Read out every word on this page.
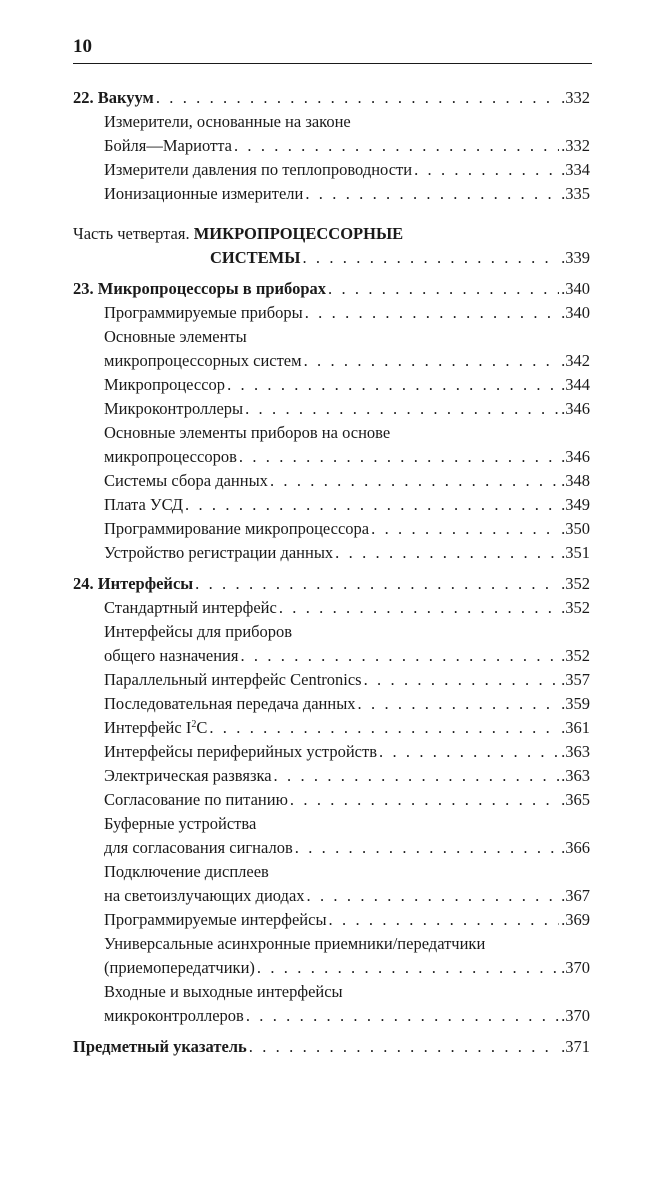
10
22. Вакуум . . .	.332
Измерители, основанные на законе
Бойля—Мариотта . . .	.332
Измерители давления по теплопроводности . . .	.334
Ионизационные измерители . . .	.335
Часть четвертая. МИКРОПРОЦЕССОРНЫЕ
СИСТЕМЫ . . .	.339
23. Микропроцессоры в приборах . . .	.340
Программируемые приборы . . .	.340
Основные элементы
микропроцессорных систем . . .	.342
Микропроцессор . . .	.344
Микроконтроллеры . . .	.346
Основные элементы приборов на основе
микропроцессоров . . .	.346
Системы сбора данных . . .	.348
Плата УСД . . .	.349
Программирование микропроцессора . . .	.350
Устройство регистрации данных . . .	.351
24. Интерфейсы . . .	.352
Стандартный интерфейс . . .	.352
Интерфейсы для приборов
общего назначения . . .	.352
Параллельный интерфейс Centronics . . .	.357
Последовательная передача данных . . .	.359
Интерфейс $I^2C$ . . .	.361
Интерфейсы периферийных устройств . . .	.363
Электрическая развязка . . .	.363
Согласование по питанию . . .	.365
Буферные устройства
для согласования сигналов . . .	.366
Подключение дисплеев
на светоизлучающих диодах . . .	.367
Программируемые интерфейсы . . .	.369
Универсальные асинхронные приемники/передатчики
(приемопередатчики) . . .	.370
Входные и выходные интерфейсы
микроконтроллеров . . .	.370
Предметный указатель . . .	.371
